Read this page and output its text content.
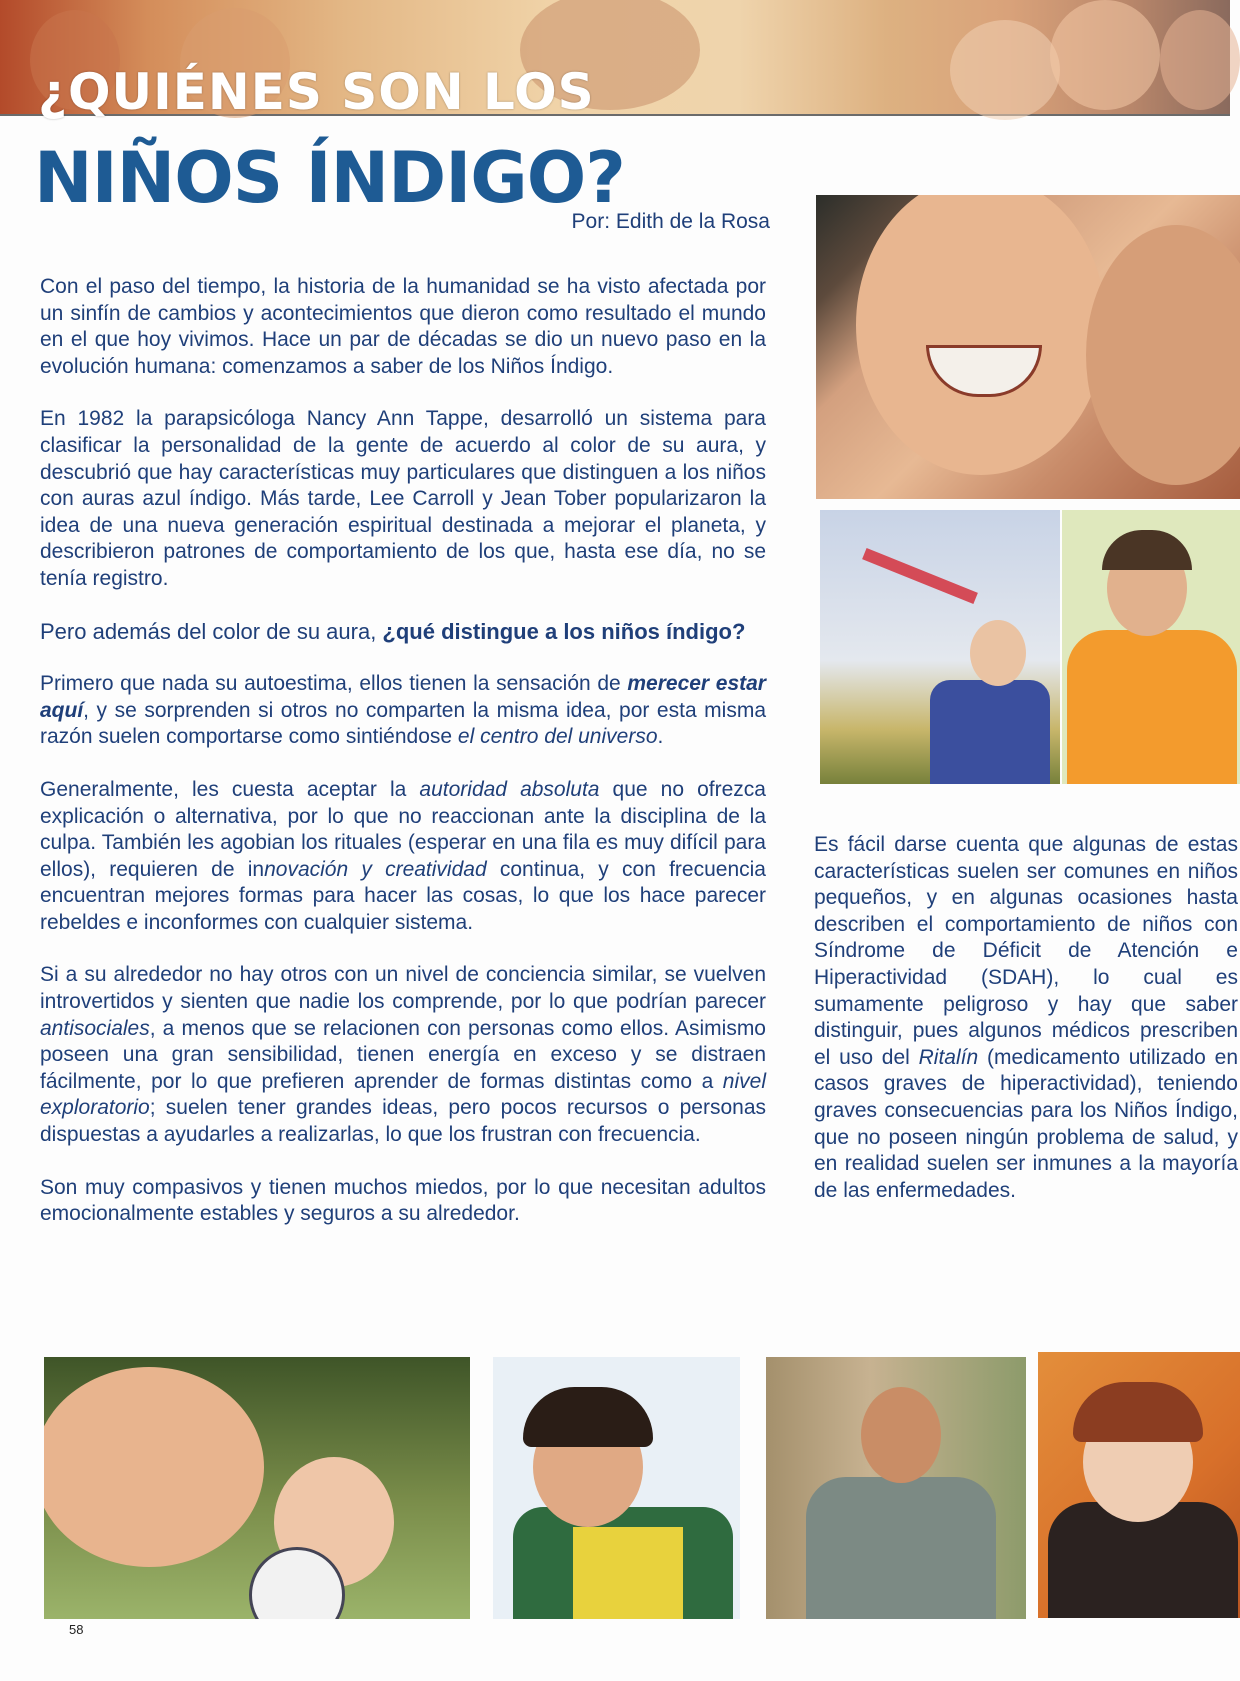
¿QUIÉNES SON LOS
NIÑOS ÍNDIGO?
Por: Edith de la Rosa

Con el paso del tiempo, la historia de la humanidad se ha visto afectada por un sinfín de cambios y acontecimientos que dieron como resultado el mundo en el que hoy vivimos. Hace un par de décadas se dio un nuevo paso en la evolución humana: comenzamos a saber de los Niños Índigo.

En 1982 la parapsicóloga Nancy Ann Tappe, desarrolló un sistema para clasificar la personalidad de la gente de acuerdo al color de su aura, y descubrió que hay características muy particulares que distinguen a los niños con auras azul índigo. Más tarde, Lee Carroll y Jean Tober popularizaron la idea de una nueva generación espiritual destinada a mejorar el planeta, y describieron patrones de comportamiento de los que, hasta ese día, no se tenía registro.

Pero además del color de su aura, ¿qué distingue a los niños índigo?

Primero que nada su autoestima, ellos tienen la sensación de merecer estar aquí, y se sorprenden si otros no comparten la misma idea, por esta misma razón suelen comportarse como sintiéndose el centro del universo.

Generalmente, les cuesta aceptar la autoridad absoluta que no ofrezca explicación o alternativa, por lo que no reaccionan ante la disciplina de la culpa. También les agobian los rituales (esperar en una fila es muy difícil para ellos), requieren de innovación y creatividad continua, y con frecuencia encuentran mejores formas para hacer las cosas, lo que los hace parecer rebeldes e inconformes con cualquier sistema.

Si a su alrededor no hay otros con un nivel de conciencia similar, se vuelven introvertidos y sienten que nadie los comprende, por lo que podrían parecer antisociales, a menos que se relacionen con personas como ellos. Asimismo poseen una gran sensibilidad, tienen energía en exceso y se distraen fácilmente, por lo que prefieren aprender de formas distintas como a nivel exploratorio; suelen tener grandes ideas, pero pocos recursos o personas dispuestas a ayudarles a realizarlas, lo que los frustran con frecuencia.

Son muy compasivos y tienen muchos miedos, por lo que necesitan adultos emocionalmente estables y seguros a su alrededor.

Es fácil darse cuenta que algunas de estas características suelen ser comunes en niños pequeños, y en algunas ocasiones hasta describen el comportamiento de niños con Síndrome de Déficit de Atención e Hiperactividad (SDAH), lo cual es sumamente peligroso y hay que saber distinguir, pues algunos médicos prescriben el uso del Ritalín (medicamento utilizado en casos graves de hiperactividad), teniendo graves consecuencias para los Niños Índigo, que no poseen ningún problema de salud, y en realidad suelen ser inmunes a la mayoría de las enfermedades.

58
